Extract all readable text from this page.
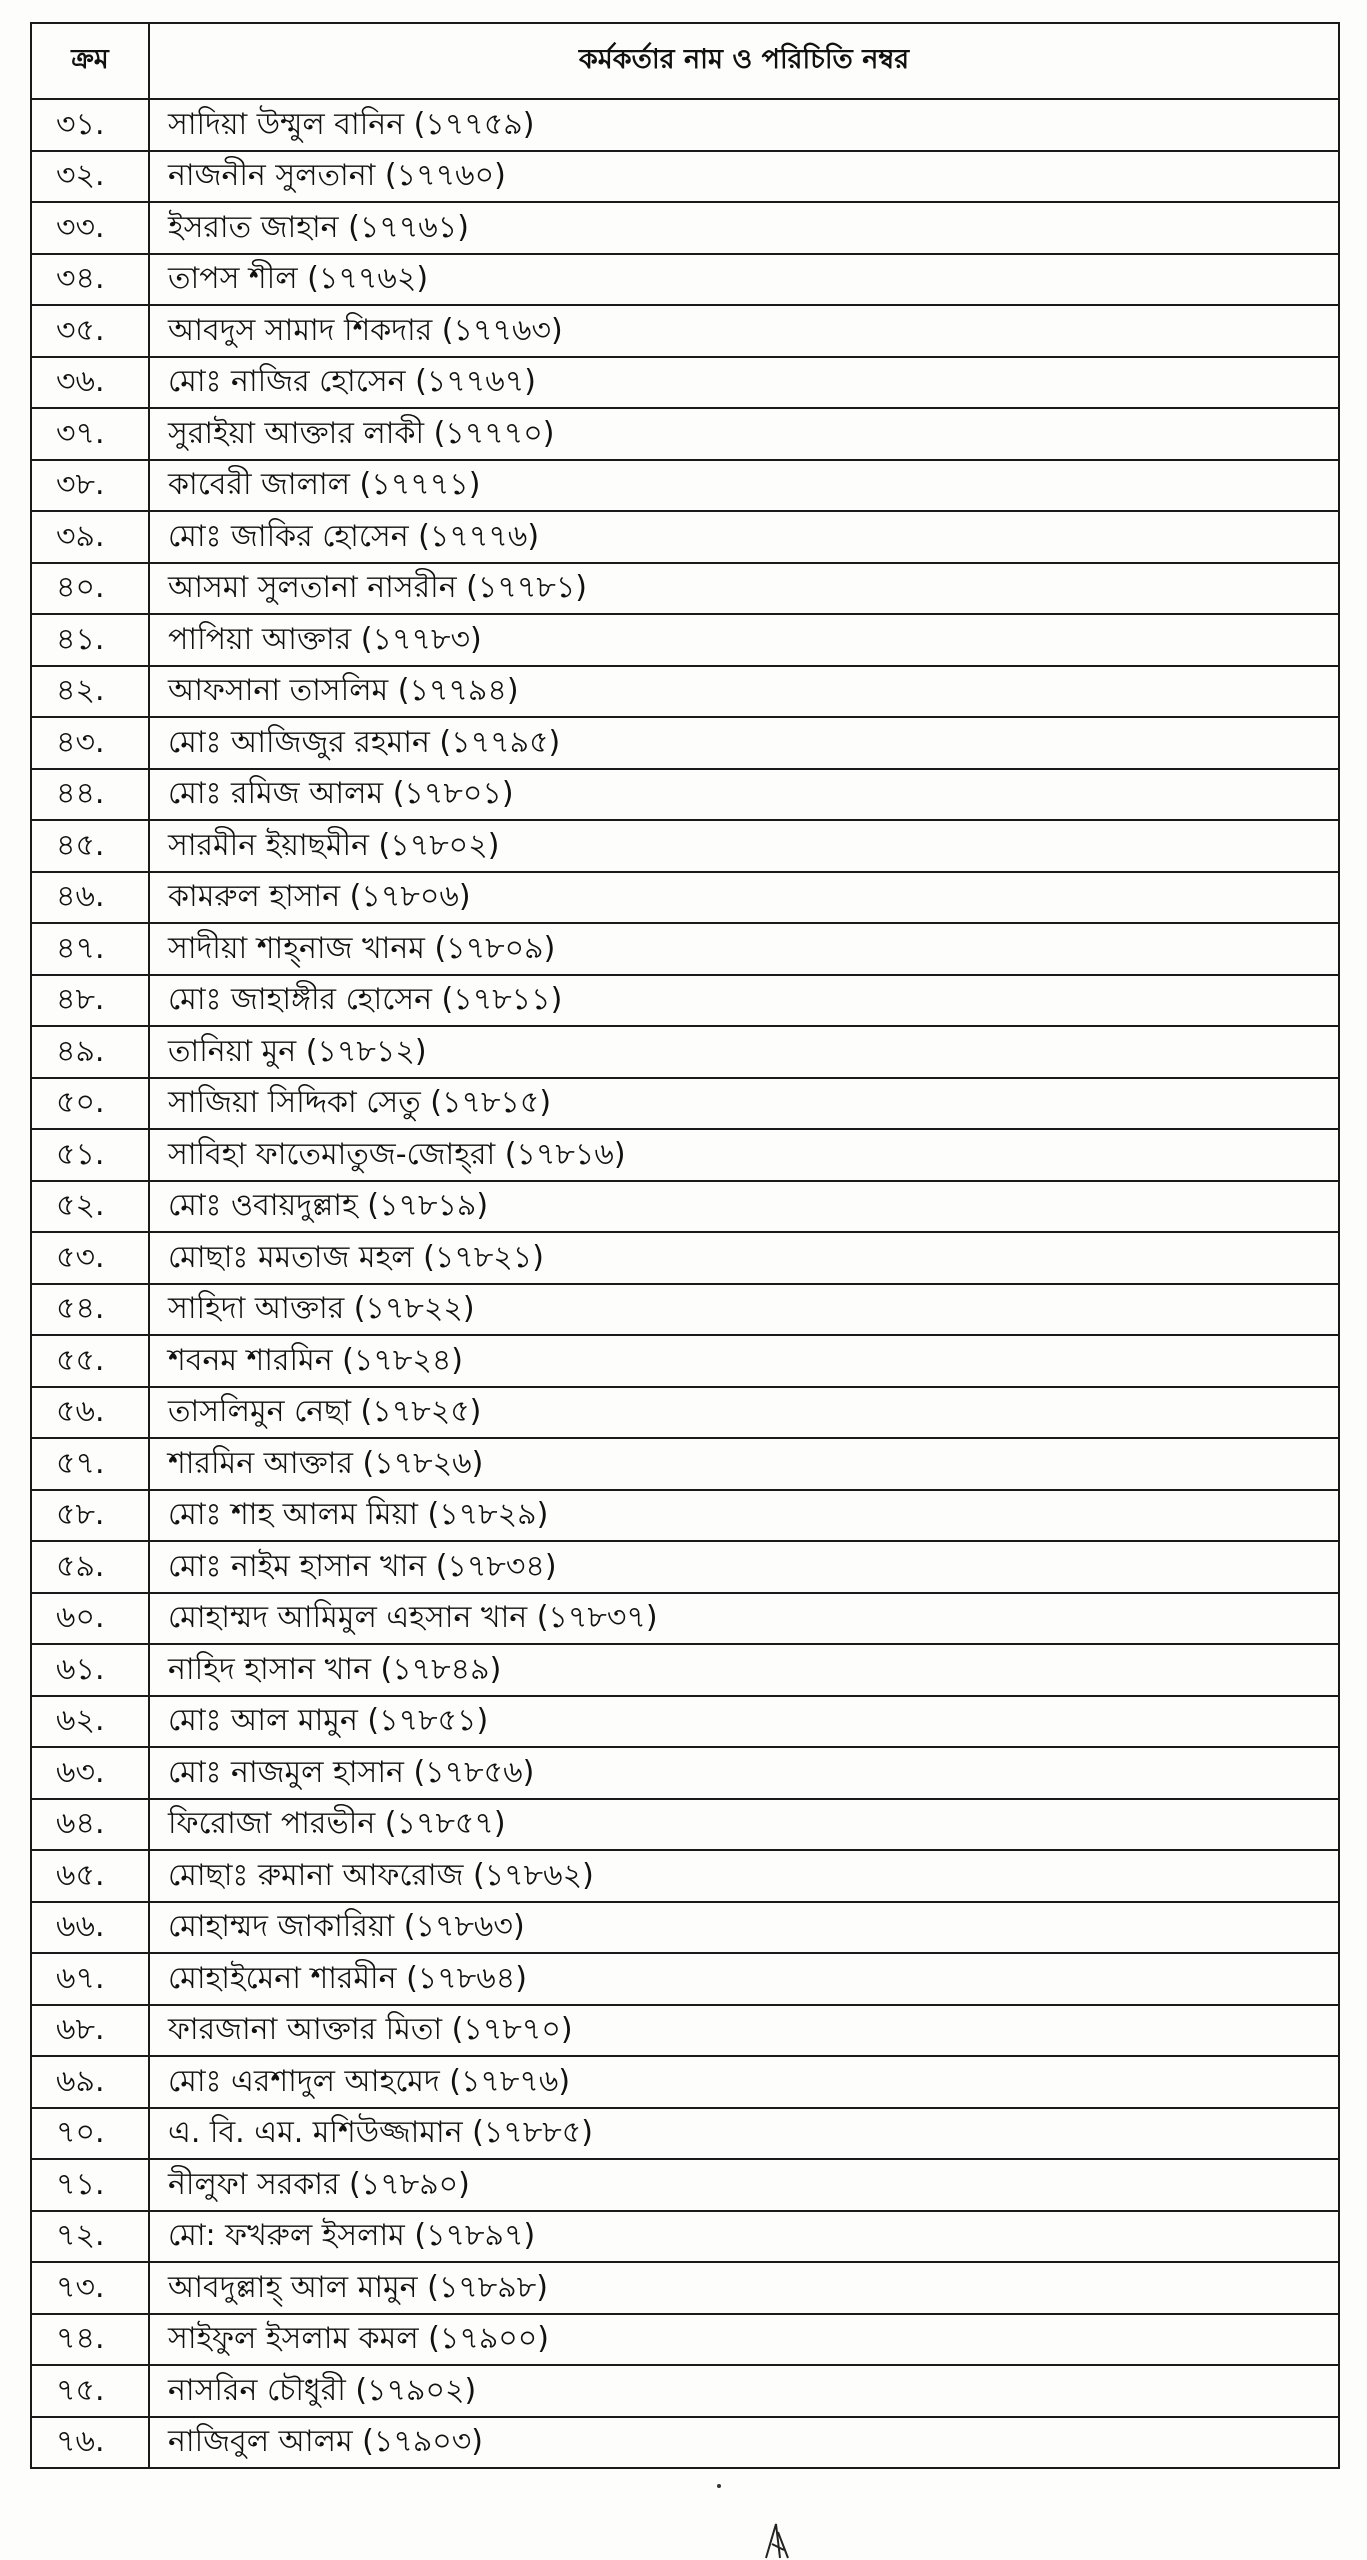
ক্রম	কর্মকর্তার নাম ও পরিচিতি নম্বর
৩১.	সাদিয়া উম্মুল বানিন (১৭৭৫৯)
৩২.	নাজনীন সুলতানা (১৭৭৬০)
৩৩.	ইসরাত জাহান (১৭৭৬১)
৩৪.	তাপস শীল (১৭৭৬২)
৩৫.	আবদুস সামাদ শিকদার (১৭৭৬৩)
৩৬.	মোঃ নাজির হোসেন (১৭৭৬৭)
৩৭.	সুরাইয়া আক্তার লাকী (১৭৭৭০)
৩৮.	কাবেরী জালাল (১৭৭৭১)
৩৯.	মোঃ জাকির হোসেন (১৭৭৭৬)
৪০.	আসমা সুলতানা নাসরীন (১৭৭৮১)
৪১.	পাপিয়া আক্তার (১৭৭৮৩)
৪২.	আফসানা তাসলিম (১৭৭৯৪)
৪৩.	মোঃ আজিজুর রহমান (১৭৭৯৫)
৪৪.	মোঃ রমিজ আলম (১৭৮০১)
৪৫.	সারমীন ইয়াছমীন (১৭৮০২)
৪৬.	কামরুল হাসান (১৭৮০৬)
৪৭.	সাদীয়া শাহ্‌নাজ খানম (১৭৮০৯)
৪৮.	মোঃ জাহাঙ্গীর হোসেন (১৭৮১১)
৪৯.	তানিয়া মুন (১৭৮১২)
৫০.	সাজিয়া সিদ্দিকা সেতু (১৭৮১৫)
৫১.	সাবিহা ফাতেমাতুজ-জোহ্‌রা (১৭৮১৬)
৫২.	মোঃ ওবায়দুল্লাহ (১৭৮১৯)
৫৩.	মোছাঃ মমতাজ মহল (১৭৮২১)
৫৪.	সাহিদা আক্তার (১৭৮২২)
৫৫.	শবনম শারমিন (১৭৮২৪)
৫৬.	তাসলিমুন নেছা (১৭৮২৫)
৫৭.	শারমিন আক্তার (১৭৮২৬)
৫৮.	মোঃ শাহ আলম মিয়া (১৭৮২৯)
৫৯.	মোঃ নাইম হাসান খান (১৭৮৩৪)
৬০.	মোহাম্মদ আমিমুল এহসান খান (১৭৮৩৭)
৬১.	নাহিদ হাসান খান (১৭৮৪৯)
৬২.	মোঃ আল মামুন (১৭৮৫১)
৬৩.	মোঃ নাজমুল হাসান (১৭৮৫৬)
৬৪.	ফিরোজা পারভীন (১৭৮৫৭)
৬৫.	মোছাঃ রুমানা আফরোজ (১৭৮৬২)
৬৬.	মোহাম্মদ জাকারিয়া (১৭৮৬৩)
৬৭.	মোহাইমেনা শারমীন (১৭৮৬৪)
৬৮.	ফারজানা আক্তার মিতা (১৭৮৭০)
৬৯.	মোঃ এরশাদুল আহমেদ (১৭৮৭৬)
৭০.	এ. বি. এম. মশিউজ্জামান (১৭৮৮৫)
৭১.	নীলুফা সরকার (১৭৮৯০)
৭২.	মো: ফখরুল ইসলাম (১৭৮৯৭)
৭৩.	আবদুল্লাহ্‌ আল মামুন (১৭৮৯৮)
৭৪.	সাইফুল ইসলাম কমল (১৭৯০০)
৭৫.	নাসরিন চৌধুরী (১৭৯০২)
৭৬.	নাজিবুল আলম (১৭৯০৩)
